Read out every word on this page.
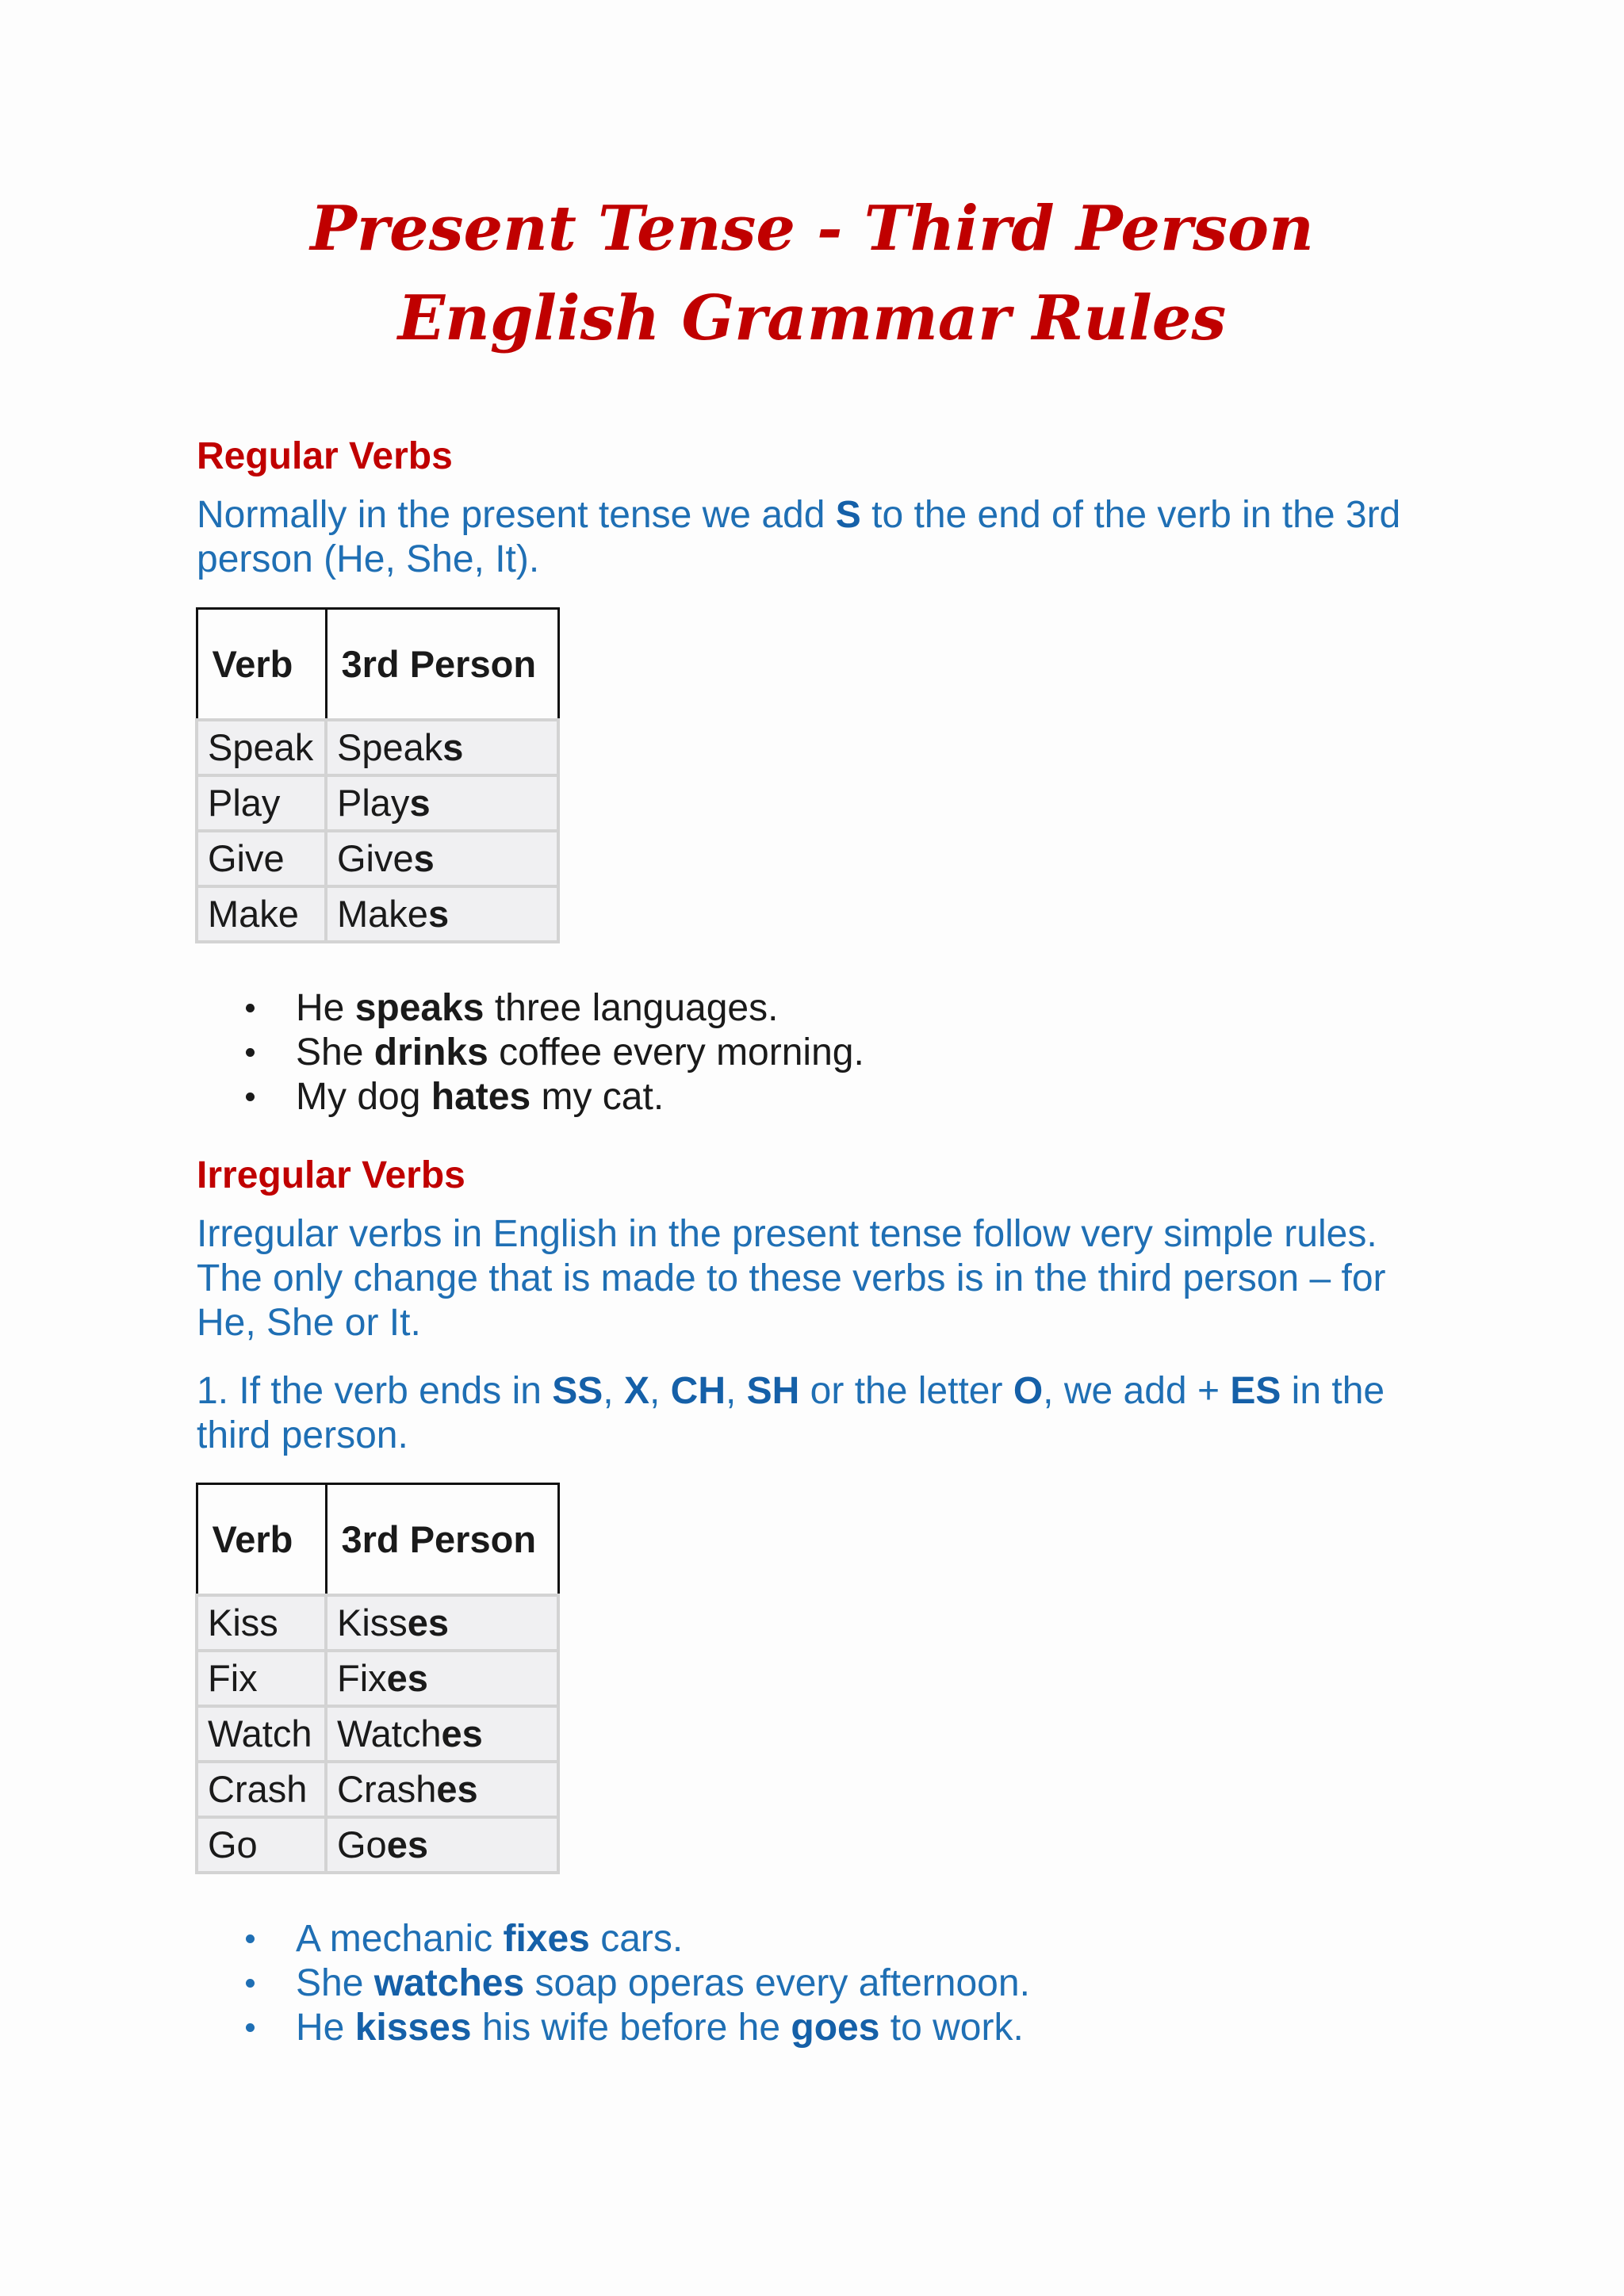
Present Tense - Third Person
English Grammar Rules
Regular Verbs
Normally in the present tense we add S to the end of the verb in the 3rd
person (He, She, It).
Verb	3rd Person
Speak	Speaks
Play	Plays
Give	Gives
Make	Makes
He speaks three languages.
She drinks coffee every morning.
My dog hates my cat.
Irregular Verbs
Irregular verbs in English in the present tense follow very simple rules.
The only change that is made to these verbs is in the third person – for
He, She or It.
1. If the verb ends in SS, X, CH, SH or the letter O, we add + ES in the
third person.
Verb	3rd Person
Kiss	Kisses
Fix	Fixes
Watch	Watches
Crash	Crashes
Go	Goes
A mechanic fixes cars.
She watches soap operas every afternoon.
He kisses his wife before he goes to work.
